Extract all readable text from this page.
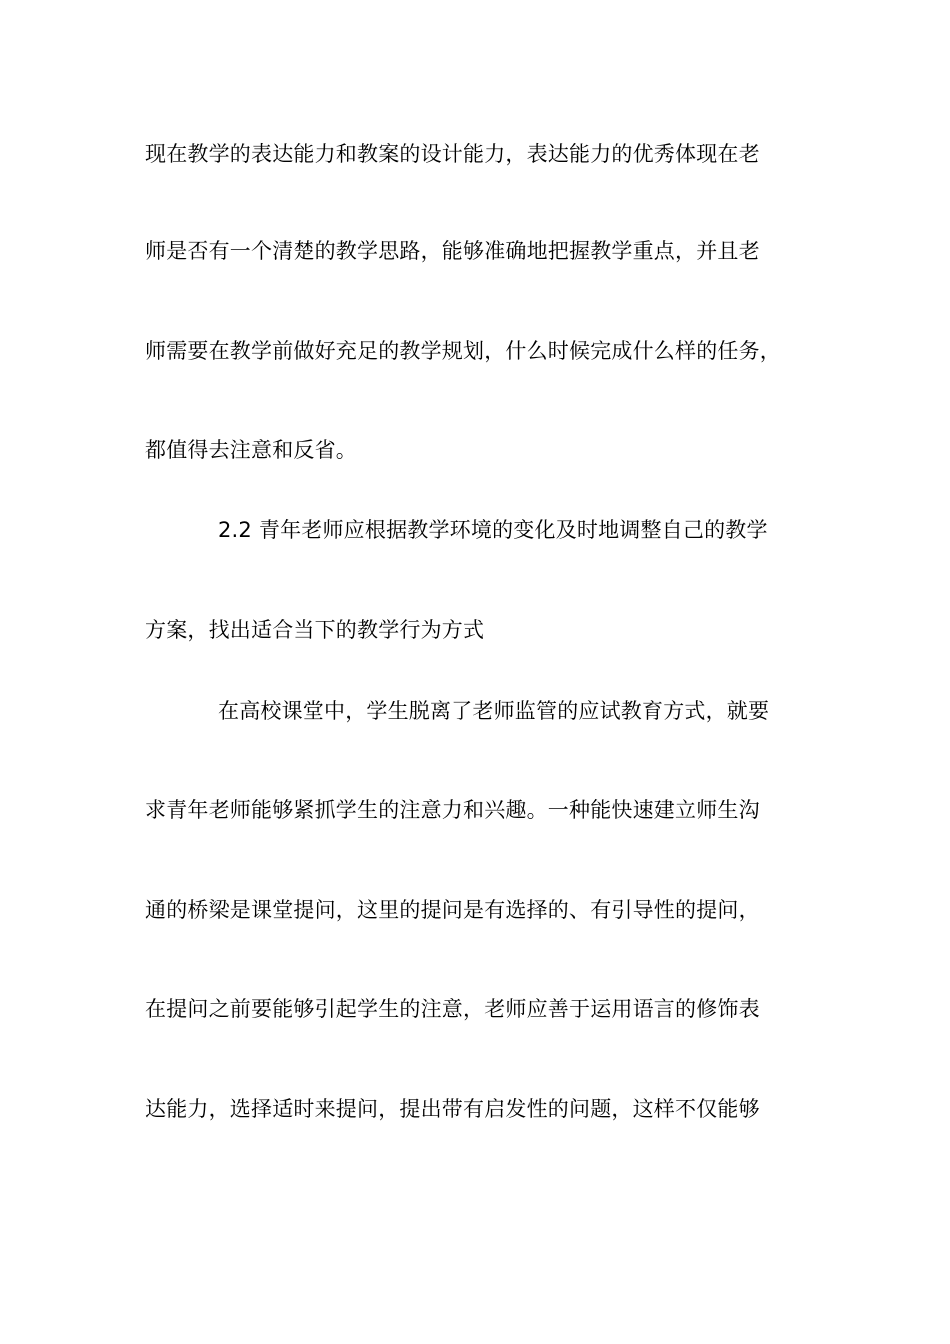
现在教学的表达能力和教案的设计能力，表达能力的优秀体现在老
师是否有一个清楚的教学思路，能够准确地把握教学重点，并且老
师需要在教学前做好充足的教学规划，什么时候完成什么样的任务，
都值得去注意和反省。
2.2 青年老师应根据教学环境的变化及时地调整自己的教学
方案，找出适合当下的教学行为方式
在高校课堂中，学生脱离了老师监管的应试教育方式，就要
求青年老师能够紧抓学生的注意力和兴趣。一种能快速建立师生沟
通的桥梁是课堂提问，这里的提问是有选择的、有引导性的提问，
在提问之前要能够引起学生的注意，老师应善于运用语言的修饰表
达能力，选择适时来提问，提出带有启发性的问题，这样不仅能够
